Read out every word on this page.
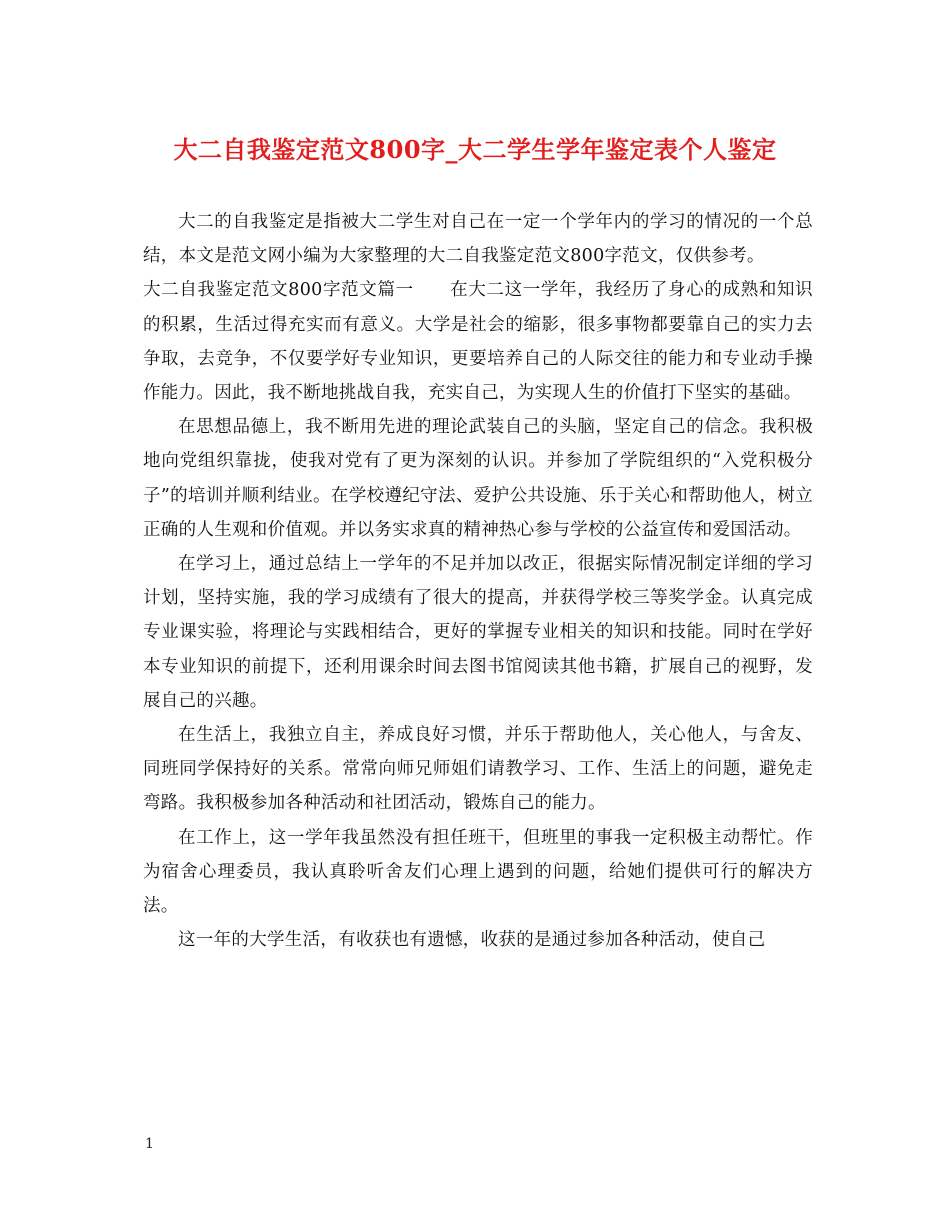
大二自我鉴定范文800字_大二学生学年鉴定表个人鉴定

大二的自我鉴定是指被大二学生对自己在一定一个学年内的学习的情况的一个总结，本文是范文网小编为大家整理的大二自我鉴定范文800字范文，仅供参考。

大二自我鉴定范文800字范文篇一　　在大二这一学年，我经历了身心的成熟和知识的积累，生活过得充实而有意义。大学是社会的缩影，很多事物都要靠自己的实力去争取，去竞争，不仅要学好专业知识，更要培养自己的人际交往的能力和专业动手操作能力。因此，我不断地挑战自我，充实自己，为实现人生的价值打下坚实的基础。

在思想品德上，我不断用先进的理论武装自己的头脑，坚定自己的信念。我积极地向党组织靠拢，使我对党有了更为深刻的认识。并参加了学院组织的“入党积极分子”的培训并顺利结业。在学校遵纪守法、爱护公共设施、乐于关心和帮助他人，树立正确的人生观和价值观。并以务实求真的精神热心参与学校的公益宣传和爱国活动。

在学习上，通过总结上一学年的不足并加以改正，很据实际情况制定详细的学习计划，坚持实施，我的学习成绩有了很大的提高，并获得学校三等奖学金。认真完成专业课实验，将理论与实践相结合，更好的掌握专业相关的知识和技能。同时在学好本专业知识的前提下，还利用课余时间去图书馆阅读其他书籍，扩展自己的视野，发展自己的兴趣。

在生活上，我独立自主，养成良好习惯，并乐于帮助他人，关心他人，与舍友、同班同学保持好的关系。常常向师兄师姐们请教学习、工作、生活上的问题，避免走弯路。我积极参加各种活动和社团活动，锻炼自己的能力。

在工作上，这一学年我虽然没有担任班干，但班里的事我一定积极主动帮忙。作为宿舍心理委员，我认真聆听舍友们心理上遇到的问题，给她们提供可行的解决方法。

这一年的大学生活，有收获也有遗憾，收获的是通过参加各种活动，使自己

1
